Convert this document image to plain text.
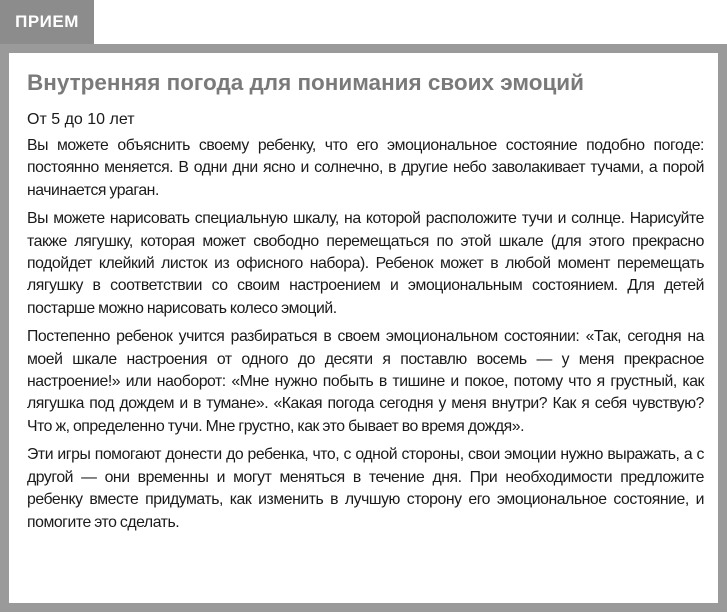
ПРИЕМ
Внутренняя погода для понимания своих эмоций

От 5 до 10 лет

Вы можете объяснить своему ребенку, что его эмоциональное состояние подобно погоде: постоянно меняется. В одни дни ясно и солнечно, в другие небо заволакивает тучами, а порой начинается ураган.

Вы можете нарисовать специальную шкалу, на которой расположите тучи и солнце. Нарисуйте также лягушку, которая может свободно перемещаться по этой шкале (для этого прекрасно подойдет клейкий листок из офисного набора). Ребенок может в любой момент перемещать лягушку в соответствии со своим настроением и эмоциональным состоянием. Для детей постарше можно нарисовать колесо эмоций.

Постепенно ребенок учится разбираться в своем эмоциональном состоянии: «Так, сегодня на моей шкале настроения от одного до десяти я поставлю восемь — у меня прекрасное настроение!» или наоборот: «Мне нужно побыть в тишине и покое, потому что я грустный, как лягушка под дождем и в тумане». «Какая погода сегодня у меня внутри? Как я себя чувствую? Что ж, определенно тучи. Мне грустно, как это бывает во время дождя».

Эти игры помогают донести до ребенка, что, с одной стороны, свои эмоции нужно выражать, а с другой — они временны и могут меняться в течение дня. При необходимости предложите ребенку вместе придумать, как изменить в лучшую сторону его эмоциональное состояние, и помогите это сделать.
